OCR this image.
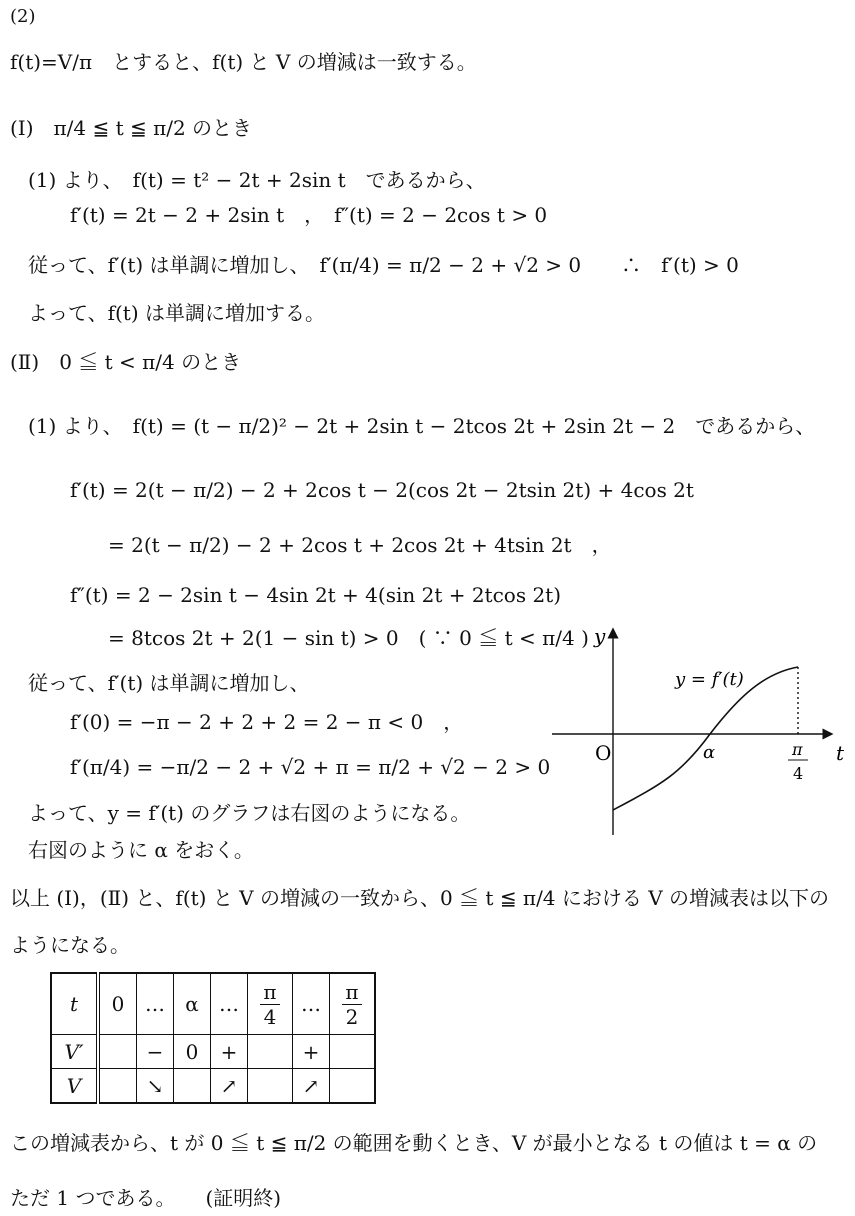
(2)
f(t)=V/π　とすると、f(t) と V の増減は一致する。
(Ⅰ)　π/4 ≦ t ≦ π/2 のとき
(1) より、　f(t) = t² − 2t + 2sin t　であるから、
f′(t) = 2t − 2 + 2sin t　，　f″(t) = 2 − 2cos t > 0
従って、f′(t) は単調に増加し、　f′(π/4) = π/2 − 2 + √2 > 0　　∴　f′(t) > 0
よって、f(t) は単調に増加する。
(Ⅱ)　0 ≦ t < π/4 のとき
(1) より、　f(t) = (t − π/2)² − 2t + 2sin t − 2tcos 2t + 2sin 2t − 2　であるから、
f′(t) = 2(t − π/2) − 2 + 2cos t − 2(cos 2t − 2tsin 2t) + 4cos 2t
= 2(t − π/2) − 2 + 2cos t + 2cos 2t + 4tsin 2t　，
f″(t) = 2 − 2sin t − 4sin 2t + 4(sin 2t + 2tcos 2t)
= 8tcos 2t + 2(1 − sin t) > 0　( ∵ 0 ≦ t < π/4 )
従って、f′(t) は単調に増加し、
f′(0) = −π − 2 + 2 + 2 = 2 − π < 0　，
f′(π/4) = −π/2 − 2 + √2 + π = π/2 + √2 − 2 > 0
よって、y = f′(t) のグラフは右図のようになる。
右図のように α をおく。
以上 (Ⅰ)，(Ⅱ) と、f(t) と V の増減の一致から、0 ≦ t ≦ π/4 における V の増減表は以下の
ようになる。
y
t
O	α
y = f′(t)
π
4
t	0	…	α	…	$\frac{\pi}{4}$	…	$\frac{\pi}{2}$

V′		−	0	+		+	
V		↘		↗		↗	
この増減表から、t が 0 ≦ t ≦ π/2 の範囲を動くとき、V が最小となる t の値は t = α の
ただ 1 つである。　　(証明終)
